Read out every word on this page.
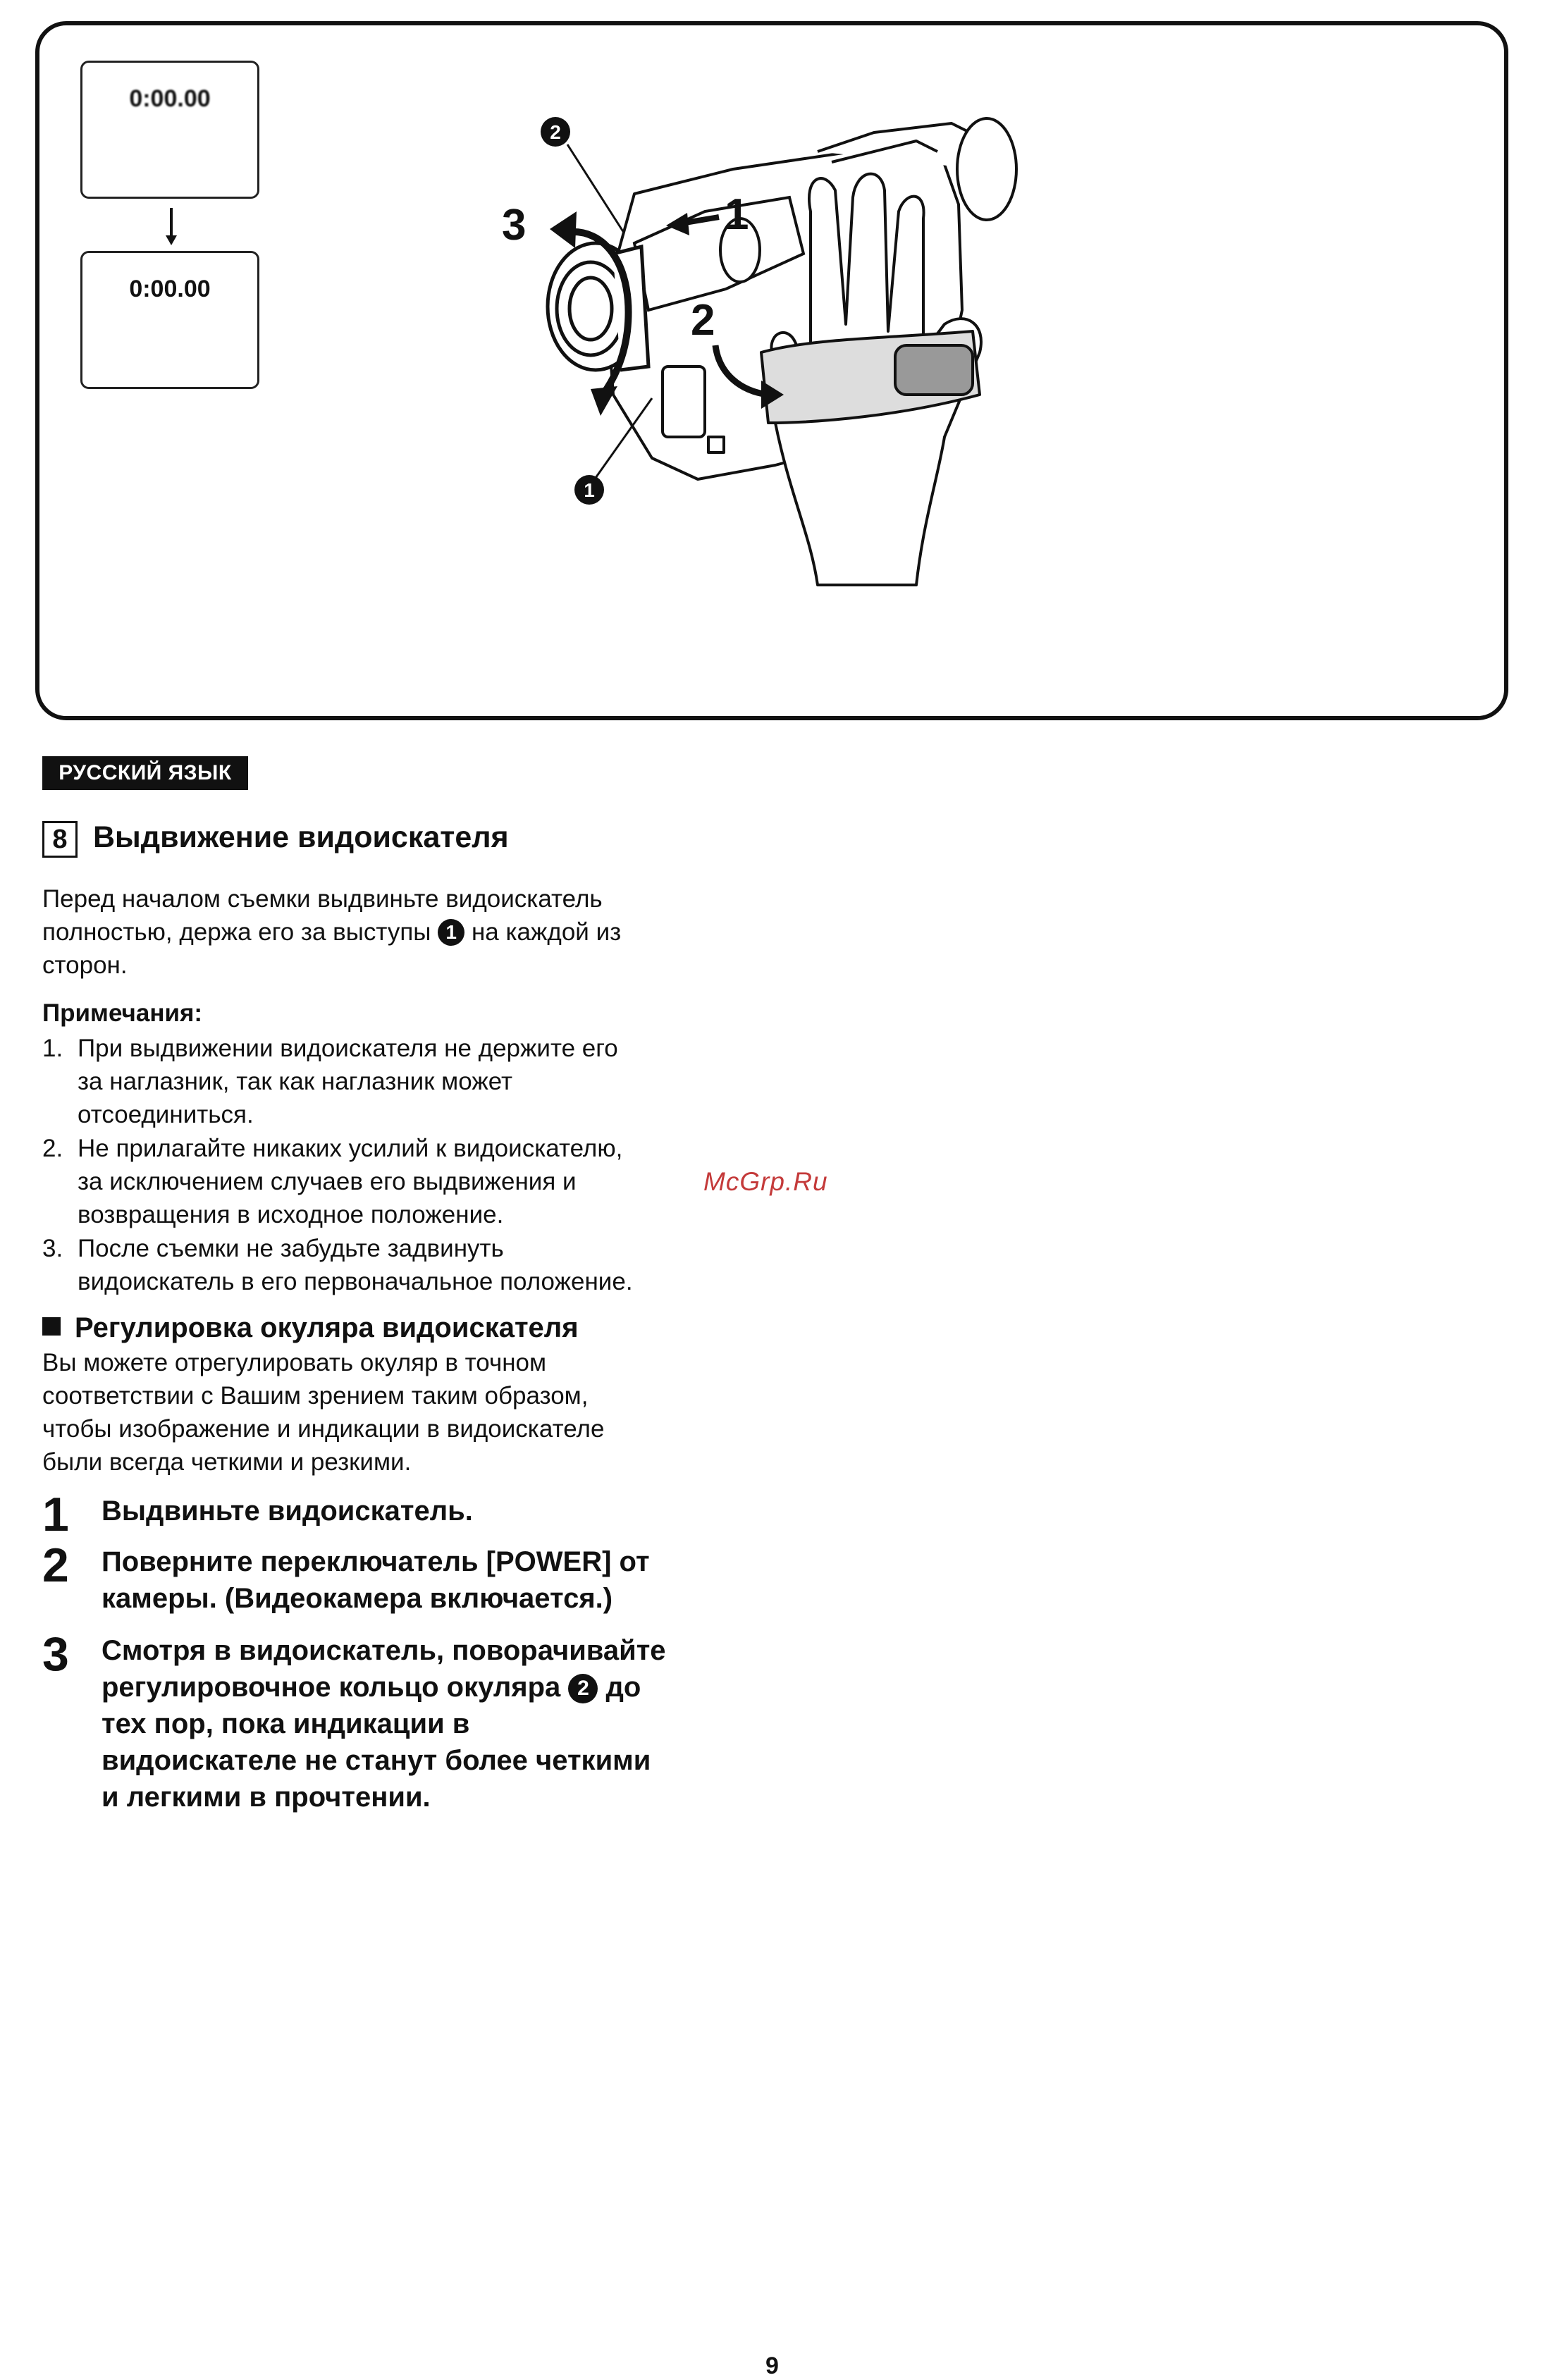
0:00.00
0:00.00
3	1
2
2
1
РУССКИЙ ЯЗЫК
8 Выдвижение видоискателя
Перед началом съемки выдвиньте видоискатель
полностью, держа его за выступы 1 на каждой из
сторон.
Примечания:
1. При выдвижении видоискателя не держите его
за наглазник, так как наглазник может
отсоединиться.
2. Не прилагайте никаких усилий к видоискателю,
за исключением случаев его выдвижения и
возвращения в исходное положение.
3. После съемки не забудьте задвинуть
видоискатель в его первоначальное положение.
McGrp.Ru
Регулировка окуляра видоискателя
Вы можете отрегулировать окуляр в точном
соответствии с Вашим зрением таким образом,
чтобы изображение и индикации в видоискателе
были всегда четкими и резкими.
1 Выдвиньте видоискатель.
2 Поверните переключатель [POWER] от
камеры. (Видеокамера включается.)
3 Смотря в видоискатель, поворачивайте
регулировочное кольцо окуляра 2 до
тех пор, пока индикации в
видоискателе не станут более четкими
и легкими в прочтении.
9
